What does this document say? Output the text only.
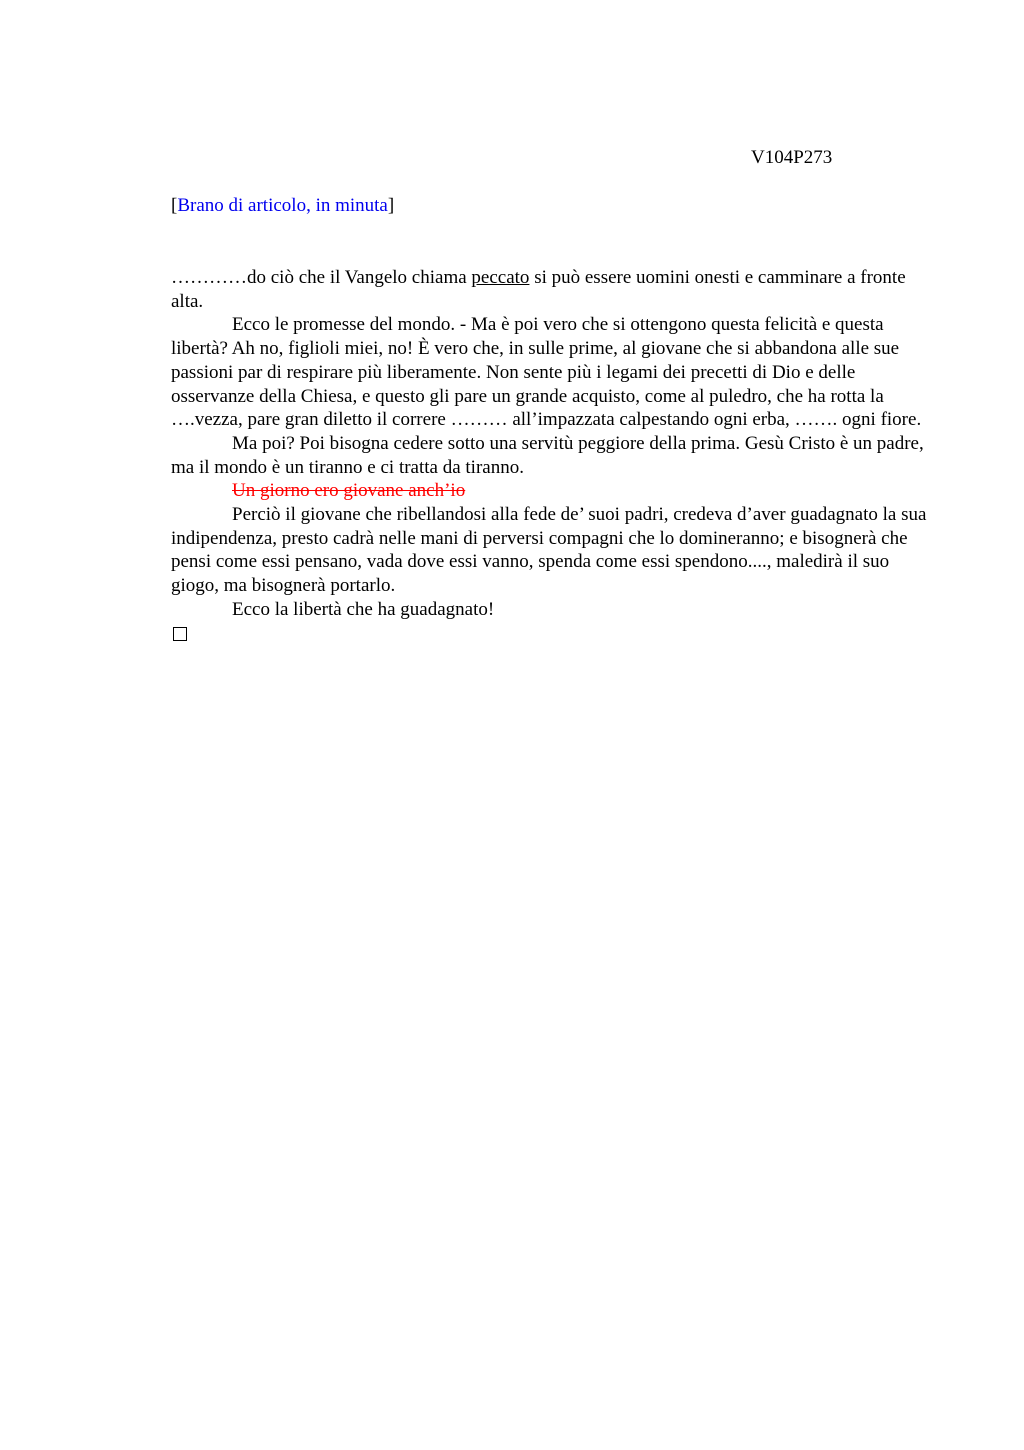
V104P273
[Brano di articolo, in minuta]

…………do ciò che il Vangelo chiama peccato si può essere uomini onesti e camminare a fronte alta.

Ecco le promesse del mondo. - Ma è poi vero che si ottengono questa felicità e questa libertà? Ah no, figlioli miei, no! È vero che, in sulle prime, al giovane che si abbandona alle sue passioni par di respirare più liberamente. Non sente più i legami dei precetti di Dio e delle osservanze della Chiesa, e questo gli pare un grande acquisto, come al puledro, che ha rotta la ….vezza, pare gran diletto il correre ……… all’impazzata calpestando ogni erba, ……. ogni fiore.

Ma poi? Poi bisogna cedere sotto una servitù peggiore della prima. Gesù Cristo è un padre, ma il mondo è un tiranno e ci tratta da tiranno.

Un giorno ero giovane anch’io

Perciò il giovane che ribellandosi alla fede de’ suoi padri, credeva d’aver guadagnato la sua indipendenza, presto cadrà nelle mani di perversi compagni che lo domineranno; e bisognerà che pensi come essi pensano, vada dove essi vanno, spenda come essi spendono...., maledirà il suo giogo, ma bisognerà portarlo.

Ecco la libertà che ha guadagnato!
